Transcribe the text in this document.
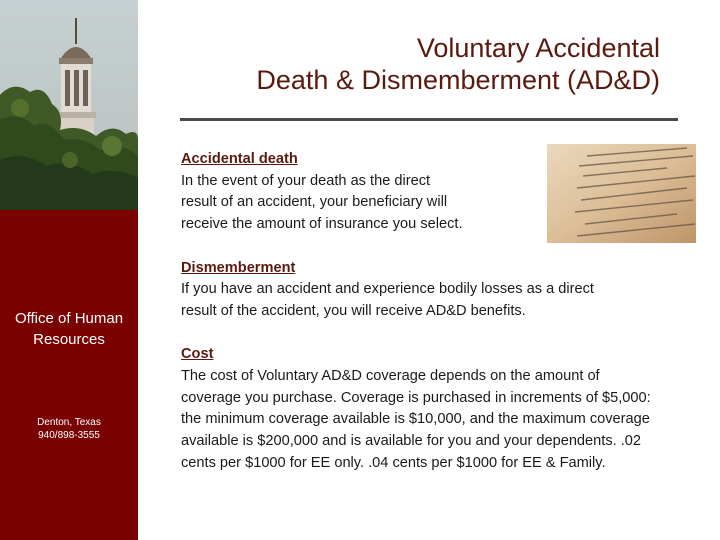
Office of Human
Resources
Denton, Texas
940/898-3555
Voluntary Accidental
Death & Dismemberment (AD&D)
Accidental death
In the event of your death as the direct
result of an accident, your beneficiary will
receive the amount of insurance you select.
Dismemberment
If you have an accident and experience bodily losses as a direct
result of the accident, you will receive AD&D benefits.
Cost
The cost of Voluntary AD&D coverage depends on the amount of
coverage you purchase. Coverage is purchased in increments of $5,000:
the minimum coverage available is $10,000, and the maximum coverage
available is $200,000 and is available for you and your dependents. .02
cents per $1000 for EE only. .04 cents per $1000 for EE & Family.
